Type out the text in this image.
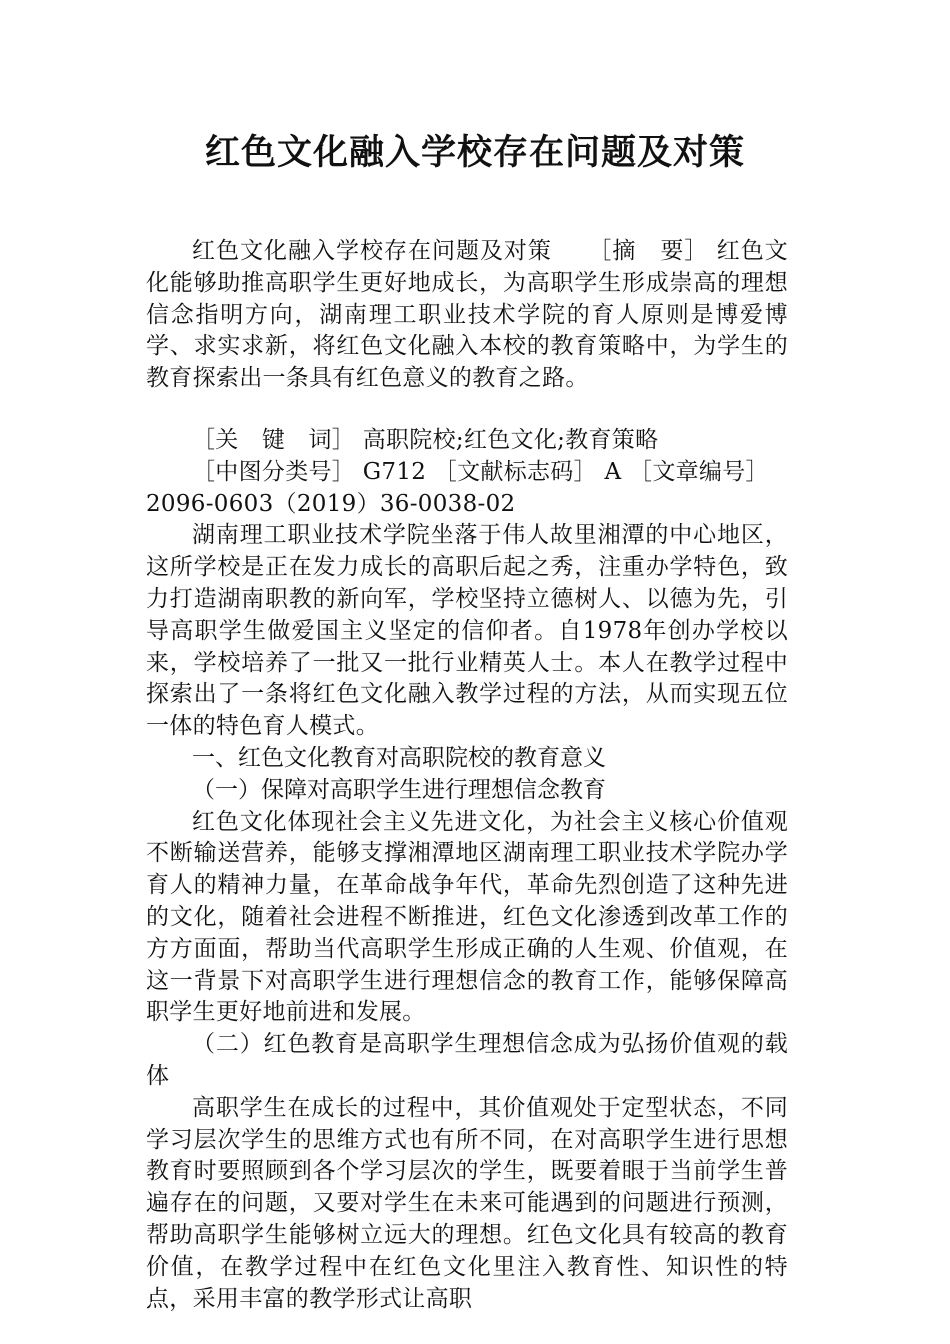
红色文化融入学校存在问题及对策

红色文化融入学校存在问题及对策　　［摘　要］ 红色文化能够助推高职学生更好地成长，为高职学生形成崇高的理想信念指明方向，湖南理工职业技术学院的育人原则是博爱博学、求实求新，将红色文化融入本校的教育策略中，为学生的教育探索出一条具有红色意义的教育之路。

［关　键　词］ 高职院校;红色文化;教育策略

［中图分类号］ G712 ［文献标志码］ A ［文章编号］

2096-0603（2019）36-0038-02

湖南理工职业技术学院坐落于伟人故里湘潭的中心地区，这所学校是正在发力成长的高职后起之秀，注重办学特色，致力打造湖南职教的新向军，学校坚持立德树人、以德为先，引导高职学生做爱国主义坚定的信仰者。自1978年创办学校以来，学校培养了一批又一批行业精英人士。本人在教学过程中探索出了一条将红色文化融入教学过程的方法，从而实现五位一体的特色育人模式。

一、红色文化教育对高职院校的教育意义

（一）保障对高职学生进行理想信念教育

红色文化体现社会主义先进文化，为社会主义核心价值观不断输送营养，能够支撑湘潭地区湖南理工职业技术学院办学育人的精神力量，在革命战争年代，革命先烈创造了这种先进的文化，随着社会进程不断推进，红色文化渗透到改革工作的方方面面，帮助当代高职学生形成正确的人生观、价值观，在这一背景下对高职学生进行理想信念的教育工作，能够保障高职学生更好地前进和发展。

（二）红色教育是高职学生理想信念成为弘扬价值观的载体

高职学生在成长的过程中，其价值观处于定型状态，不同学习层次学生的思维方式也有所不同，在对高职学生进行思想教育时要照顾到各个学习层次的学生，既要着眼于当前学生普遍存在的问题，又要对学生在未来可能遇到的问题进行预测，帮助高职学生能够树立远大的理想。红色文化具有较高的教育价值，在教学过程中在红色文化里注入教育性、知识性的特点，采用丰富的教学形式让高职
